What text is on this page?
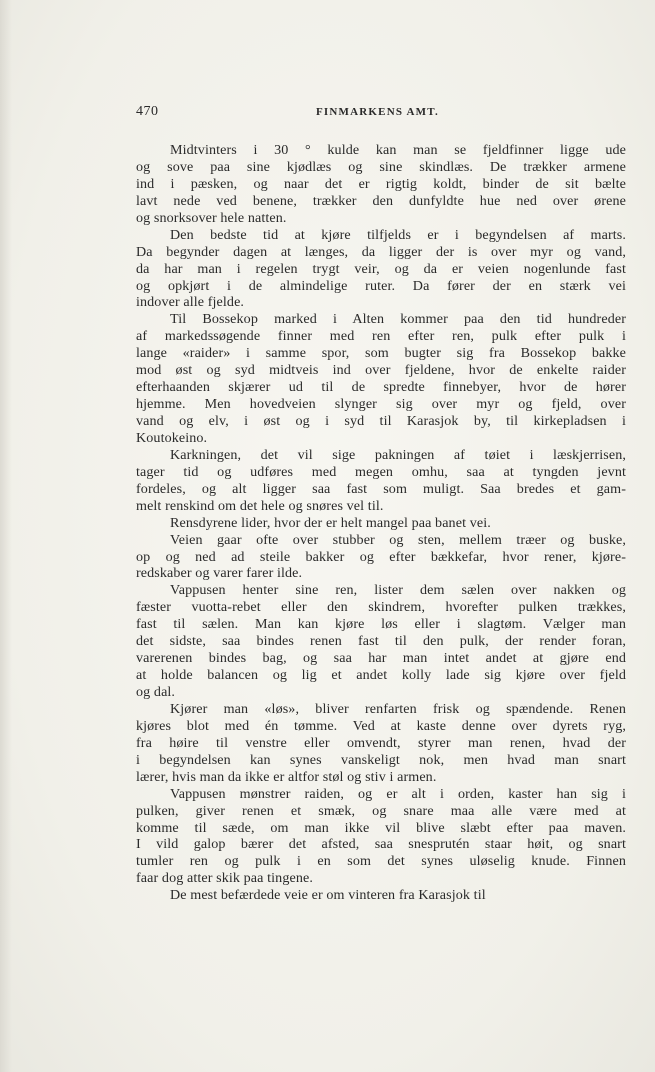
470	FINMARKENS AMT.
Midtvinters i 30 ° kulde kan man se fjeldfinner ligge ude
og sove paa sine kjødlæs og sine skindlæs. De trækker armene
ind i pæsken, og naar det er rigtig koldt, binder de sit bælte
lavt nede ved benene, trækker den dunfyldte hue ned over ørene
og snorksover hele natten.
Den bedste tid at kjøre tilfjelds er i begyndelsen af marts.
Da begynder dagen at længes, da ligger der is over myr og vand,
da har man i regelen trygt veir, og da er veien nogenlunde fast
og opkjørt i de almindelige ruter. Da fører der en stærk vei
indover alle fjelde.
Til Bossekop marked i Alten kommer paa den tid hundreder
af markedssøgende finner med ren efter ren, pulk efter pulk i
lange «raider» i samme spor, som bugter sig fra Bossekop bakke
mod øst og syd midtveis ind over fjeldene, hvor de enkelte raider
efterhaanden skjærer ud til de spredte finnebyer, hvor de hører
hjemme. Men hovedveien slynger sig over myr og fjeld, over
vand og elv, i øst og i syd til Karasjok by, til kirkepladsen i
Koutokeino.
Karkningen, det vil sige pakningen af tøiet i læskjerrisen,
tager tid og udføres med megen omhu, saa at tyngden jevnt
fordeles, og alt ligger saa fast som muligt. Saa bredes et gam-
melt renskind om det hele og snøres vel til.
Rensdyrene lider, hvor der er helt mangel paa banet vei.
Veien gaar ofte over stubber og sten, mellem træer og buske,
op og ned ad steile bakker og efter bækkefar, hvor rener, kjøre-
redskaber og varer farer ilde.
Vappusen henter sine ren, lister dem sælen over nakken og
fæster vuotta-rebet eller den skindrem, hvorefter pulken trækkes,
fast til sælen. Man kan kjøre løs eller i slagtøm. Vælger man
det sidste, saa bindes renen fast til den pulk, der render foran,
varerenen bindes bag, og saa har man intet andet at gjøre end
at holde balancen og lig et andet kolly lade sig kjøre over fjeld
og dal.
Kjører man «løs», bliver renfarten frisk og spændende. Renen
kjøres blot med én tømme. Ved at kaste denne over dyrets ryg,
fra høire til venstre eller omvendt, styrer man renen, hvad der
i begyndelsen kan synes vanskeligt nok, men hvad man snart
lærer, hvis man da ikke er altfor støl og stiv i armen.
Vappusen mønstrer raiden, og er alt i orden, kaster han sig i
pulken, giver renen et smæk, og snare maa alle være med at
komme til sæde, om man ikke vil blive slæbt efter paa maven.
I vild galop bærer det afsted, saa snesprutén staar høit, og snart
tumler ren og pulk i en som det synes uløselig knude. Finnen
faar dog atter skik paa tingene.
De mest befærdede veie er om vinteren fra Karasjok til
